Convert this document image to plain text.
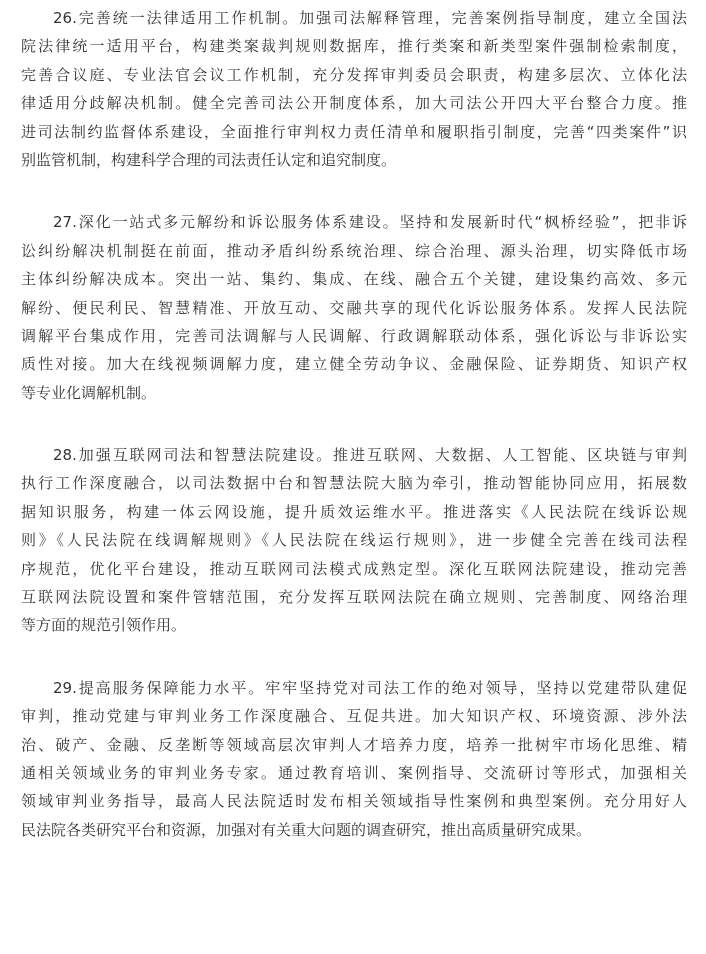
26.完善统一法律适用工作机制。加强司法解释管理，完善案例指导制度，建立全国法
院法律统一适用平台，构建类案裁判规则数据库，推行类案和新类型案件强制检索制度，
完善合议庭、专业法官会议工作机制，充分发挥审判委员会职责，构建多层次、立体化法
律适用分歧解决机制。健全完善司法公开制度体系，加大司法公开四大平台整合力度。推
进司法制约监督体系建设，全面推行审判权力责任清单和履职指引制度，完善“四类案件”识
别监管机制，构建科学合理的司法责任认定和追究制度。
27.深化一站式多元解纷和诉讼服务体系建设。坚持和发展新时代“枫桥经验”，把非诉
讼纠纷解决机制挺在前面，推动矛盾纠纷系统治理、综合治理、源头治理，切实降低市场
主体纠纷解决成本。突出一站、集约、集成、在线、融合五个关键，建设集约高效、多元
解纷、便民利民、智慧精准、开放互动、交融共享的现代化诉讼服务体系。发挥人民法院
调解平台集成作用，完善司法调解与人民调解、行政调解联动体系，强化诉讼与非诉讼实
质性对接。加大在线视频调解力度，建立健全劳动争议、金融保险、证券期货、知识产权
等专业化调解机制。
28.加强互联网司法和智慧法院建设。推进互联网、大数据、人工智能、区块链与审判
执行工作深度融合，以司法数据中台和智慧法院大脑为牵引，推动智能协同应用，拓展数
据知识服务，构建一体云网设施，提升质效运维水平。推进落实《人民法院在线诉讼规
则》《人民法院在线调解规则》《人民法院在线运行规则》，进一步健全完善在线司法程
序规范，优化平台建设，推动互联网司法模式成熟定型。深化互联网法院建设，推动完善
互联网法院设置和案件管辖范围，充分发挥互联网法院在确立规则、完善制度、网络治理
等方面的规范引领作用。
29.提高服务保障能力水平。牢牢坚持党对司法工作的绝对领导，坚持以党建带队建促
审判，推动党建与审判业务工作深度融合、互促共进。加大知识产权、环境资源、涉外法
治、破产、金融、反垄断等领域高层次审判人才培养力度，培养一批树牢市场化思维、精
通相关领域业务的审判业务专家。通过教育培训、案例指导、交流研讨等形式，加强相关
领域审判业务指导，最高人民法院适时发布相关领域指导性案例和典型案例。充分用好人
民法院各类研究平台和资源，加强对有关重大问题的调查研究，推出高质量研究成果。
